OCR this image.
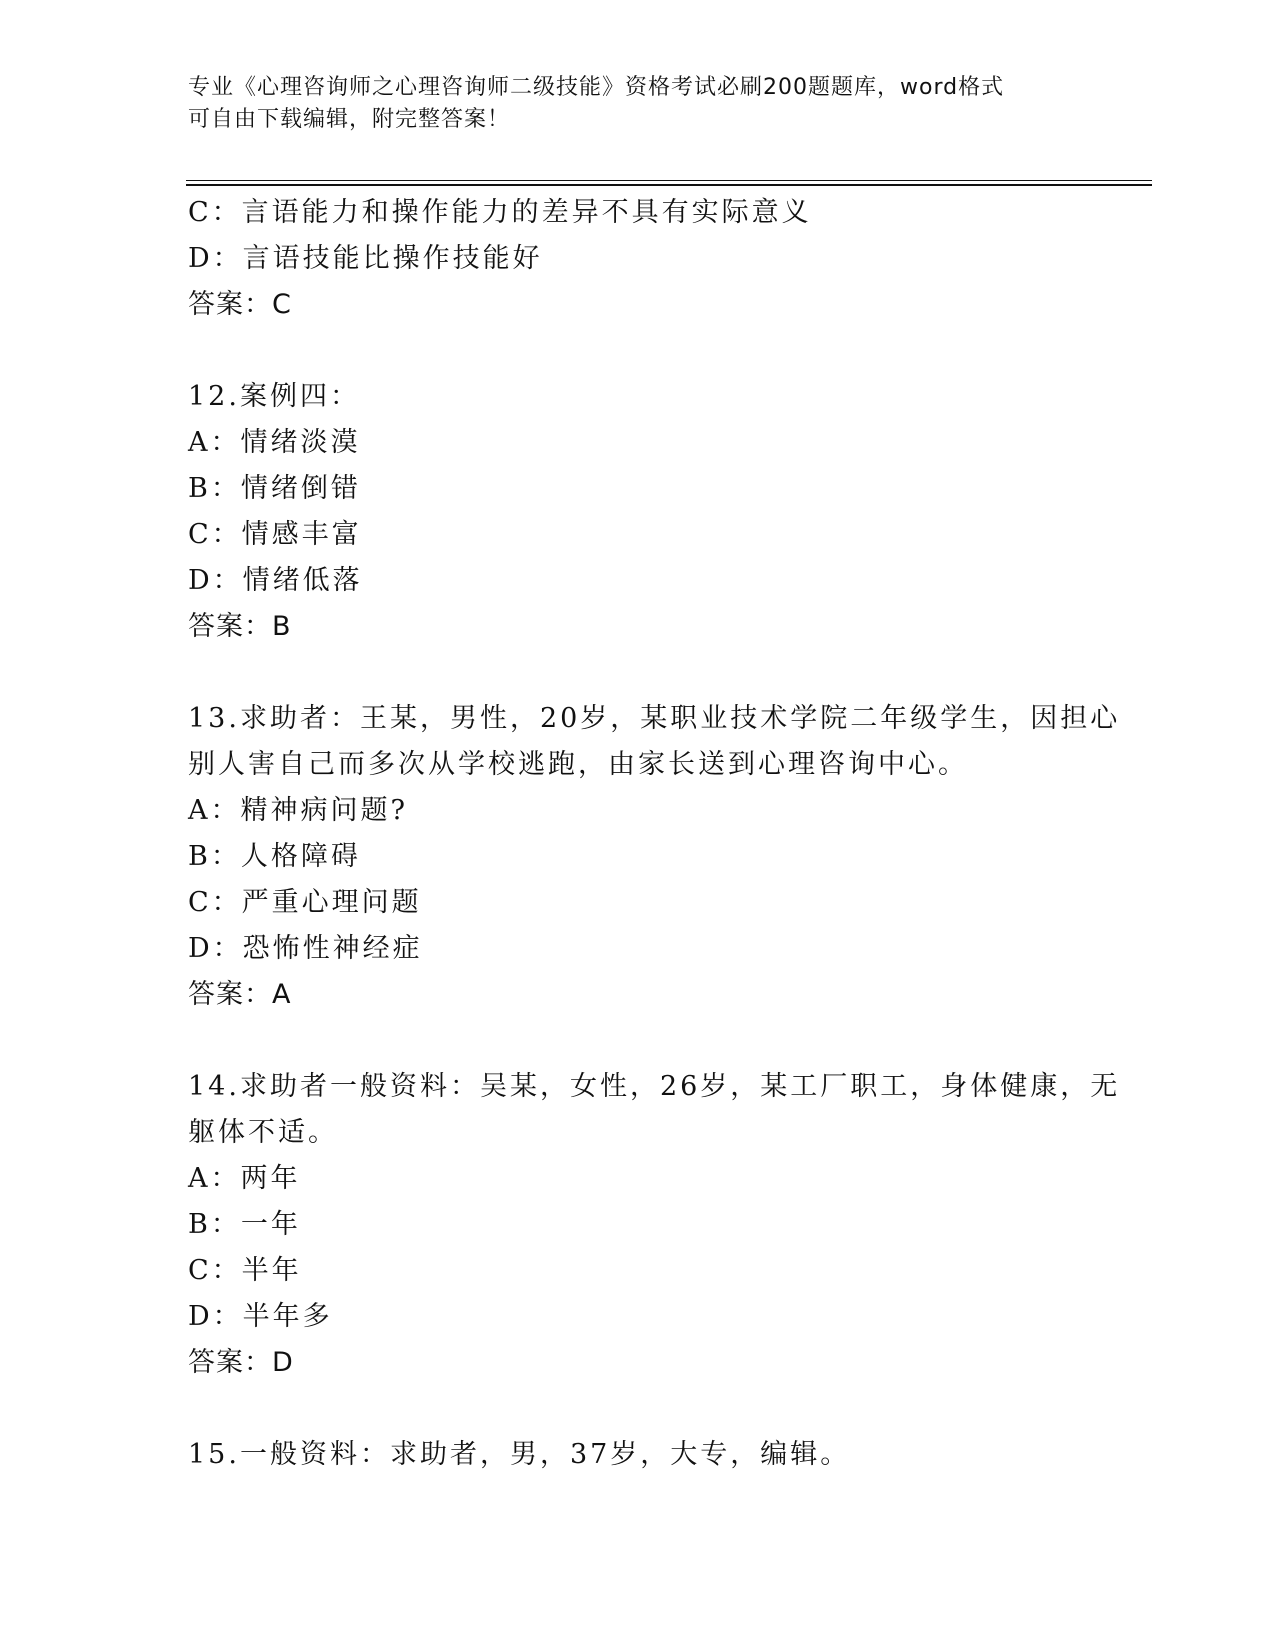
专业《心理咨询师之心理咨询师二级技能》资格考试必刷200题题库，word格式
可自由下载编辑，附完整答案！
C：言语能力和操作能力的差异不具有实际意义
D：言语技能比操作技能好
答案：C
12.案例四：
A：情绪淡漠
B：情绪倒错
C：情感丰富
D：情绪低落
答案：B
13.求助者：王某，男性，20岁，某职业技术学院二年级学生，因担心
别人害自己而多次从学校逃跑，由家长送到心理咨询中心。
A：精神病问题?
B：人格障碍
C：严重心理问题
D：恐怖性神经症
答案：A
14.求助者一般资料：吴某，女性，26岁，某工厂职工，身体健康，无
躯体不适。
A：两年
B：一年
C：半年
D：半年多
答案：D
15.一般资料：求助者，男，37岁，大专，编辑。
